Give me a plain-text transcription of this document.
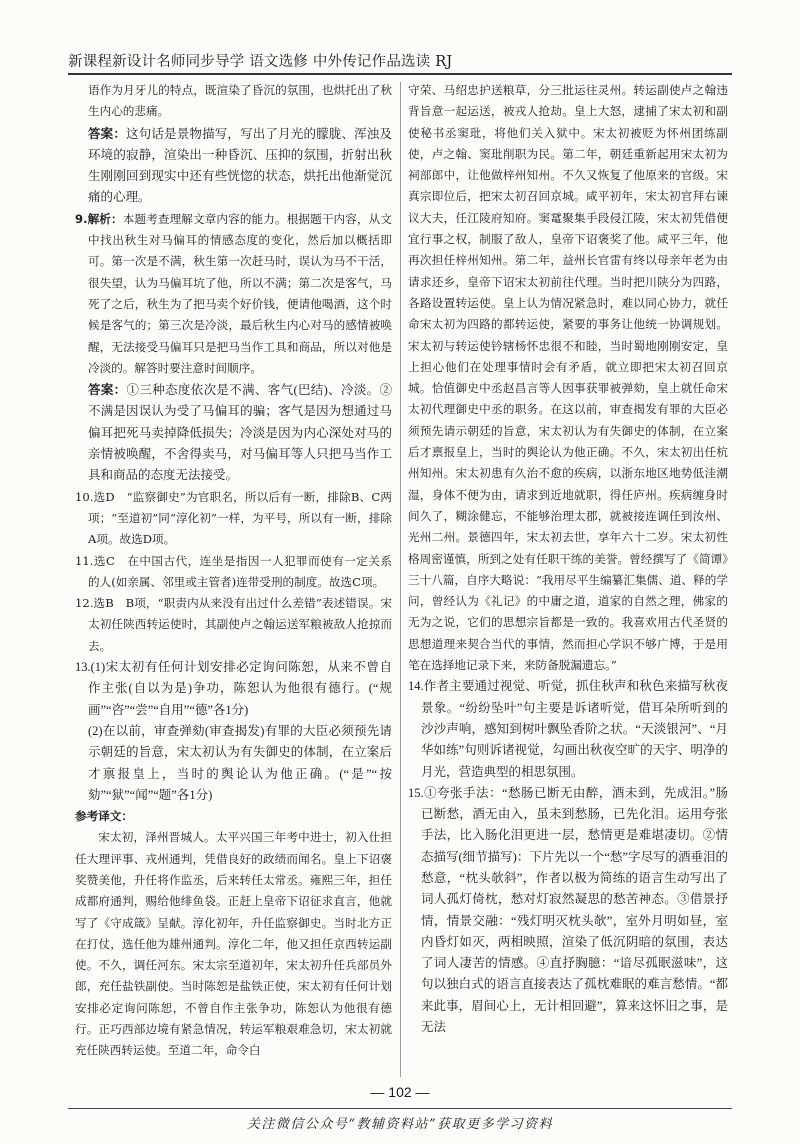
新课程新设计名师同步导学 语文选修 中外传记作品选读 RJ

语作为月牙儿的特点，既渲染了昏沉的氛围，也烘托出了秋生内心的悲痛。

答案：这句话是景物描写，写出了月光的朦胧、浑浊及环境的寂静，渲染出一种昏沉、压抑的氛围，折射出秋生刚刚回到现实中还有些恍惚的状态，烘托出他渐觉沉痛的心理。

9.解析：本题考查理解文章内容的能力。根据题干内容，从文中找出秋生对马偏耳的情感态度的变化，然后加以概括即可。第一次是不满，秋生第一次赶马时，误认为马不干活，很失望，认为马偏耳坑了他，所以不满；第二次是客气，马死了之后，秋生为了把马卖个好价钱，便请他喝酒，这个时候是客气的；第三次是冷淡，最后秋生内心对马的感情被唤醒，无法接受马偏耳只是把马当作工具和商品，所以对他是冷淡的。解答时要注意时间顺序。

答案：①三种态度依次是不满、客气(巴结)、冷淡。②不满是因误认为受了马偏耳的骗；客气是因为想通过马偏耳把死马卖掉降低损失；冷淡是因为内心深处对马的亲情被唤醒，不舍得卖马，对马偏耳等人只把马当作工具和商品的态度无法接受。

10.选D　“监察御史”为官职名，所以后有一断，排除B、C两项；“至道初”同“淳化初”一样，为平号，所以有一断，排除A项。故选D项。

11.选C　在中国古代，连坐是指因一人犯罪而使有一定关系的人(如亲属、邻里或主管者)连带受刑的制度。故选C项。

12.选B　B项，“职责内从来没有出过什么差错”表述错误。宋太初任陕西转运使时，其副使卢之翰运送军粮被敌人抢掠而去。

13.(1)宋太初有任何计划安排必定询问陈恕，从来不曾自作主张(自以为是)争功，陈恕认为他很有德行。(“规画”“咨”“尝”“自用”“德”各1分)

(2)在以前，审查弹劾(审查揭发)有罪的大臣必须预先请示朝廷的旨意，宋太初认为有失御史的体制，在立案后才禀报皇上，当时的舆论认为他正确。(“是”“按劾”“狱”“闻”“题”各1分)

参考译文：

宋太初，泽州晋城人。太平兴国三年考中进士，初入仕担任大理评事、戎州通判，凭借良好的政绩而闻名。皇上下诏褒奖赞美他，升任将作监丞，后来转任太常丞。雍熙三年，担任成都府通判，赐给他绯鱼袋。正赶上皇帝下诏征求直言，他就写了《守成箴》呈献。淳化初年，升任监察御史。当时北方正在打仗，选任他为雄州通判。淳化二年，他又担任京西转运副使。不久，调任河东。宋太宗至道初年，宋太初升任兵部员外郎，充任盐铁副使。当时陈恕是盐铁正使，宋太初有任何计划安排必定询问陈恕，不曾自作主张争功，陈恕认为他很有德行。正巧西部边境有紧急情况，转运军粮艰难急切，宋太初就充任陕西转运使。至道二年，命令白

守荣、马绍忠护送粮草，分三批运往灵州。转运副使卢之翰违背旨意一起运送，被戎人抢劫。皇上大怒，逮捕了宋太初和副使秘书丞窦玭，将他们关入狱中。宋太初被贬为怀州团练副使，卢之翰、窦玭削职为民。第二年，朝廷重新起用宋太初为祠部郎中，让他做梓州知州。不久又恢复了他原来的官级。宋真宗即位后，把宋太初召回京城。咸平初年，宋太初官拜右谏议大夫，任江陵府知府。窦鼋聚集手段侵江陵，宋太初凭借便宜行事之权，制服了敌人，皇帝下诏褒奖了他。咸平三年，他再次担任梓州知州。第二年，益州长官雷有终以母亲年老为由请求还乡，皇帝下诏宋太初前往代理。当时把川陕分为四路，各路设置转运使。皇上认为情况紧急时，难以同心协力，就任命宋太初为四路的都转运使，紧要的事务让他统一协调规划。宋太初与转运使钤辖杨怀忠很不和睦，当时蜀地刚刚安定，皇上担心他们在处理事情时会有矛盾，就立即把宋太初召回京城。恰值御史中丞赵昌言等人因事获罪被弹劾，皇上就任命宋太初代理御史中丞的职务。在这以前，审查揭发有罪的大臣必须预先请示朝廷的旨意，宋太初认为有失御史的体制，在立案后才禀报皇上，当时的舆论认为他正确。不久，宋太初出任杭州知州。宋太初患有久治不愈的疾病，以浙东地区地势低洼潮湿，身体不便为由，请求到近地就职，得任庐州。疾病缠身时间久了，糊涂健忘，不能够治理太郡，就被接连调任到汝州、光州二州。景德四年，宋太初去世，享年六十二岁。宋太初性格周密谨慎，所到之处有任职干练的美誉。曾经撰写了《简谭》三十八篇，自序大略说：“我用尽平生编纂汇集儒、道、释的学问，曾经认为《礼记》的中庸之道，道家的自然之理，佛家的无为之说，它们的思想宗旨都是一致的。我喜欢用古代圣贤的思想道理来契合当代的事情，然而担心学识不够广博，于是用笔在选择地记录下来，来防备脱漏遗忘。”

14.作者主要通过视觉、听觉，抓住秋声和秋色来描写秋夜景象。“纷纷坠叶”句主要是诉诸听觉，借耳朵所听到的沙沙声响，感知到树叶飘坠香阶之状。“天淡银河”、“月华如练”句则诉诸视觉，勾画出秋夜空旷的天宇、明净的月光，营造典型的相思氛围。

15.①夸张手法：“愁肠已断无由醉，酒未到，先成泪。”肠已断愁，酒无由入，虽未到愁肠，已先化泪。运用夸张手法，比入肠化泪更进一层，愁情更是难堪凄切。②情态描写(细节描写)：下片先以一个“愁”字尽写的酒垂泪的愁意，“枕头欹斜”，作者以极为简练的语言生动写出了词人孤灯倚枕，愁对灯寂然凝思的愁苦神态。③借景抒情，情景交融：“残灯明灭枕头欹”，室外月明如昼，室内昏灯如灭，两相映照，渲染了低沉阴暗的氛围，表达了词人凄苦的情感。④直抒胸臆：“谙尽孤眠滋味”，这句以独白式的语言直接表达了孤枕难眠的难言愁情。“都来此事，眉间心上，无计相回避”，算来这怀旧之事，是无法

— 102 —
关注微信公众号“教辅资料站”获取更多学习资料
